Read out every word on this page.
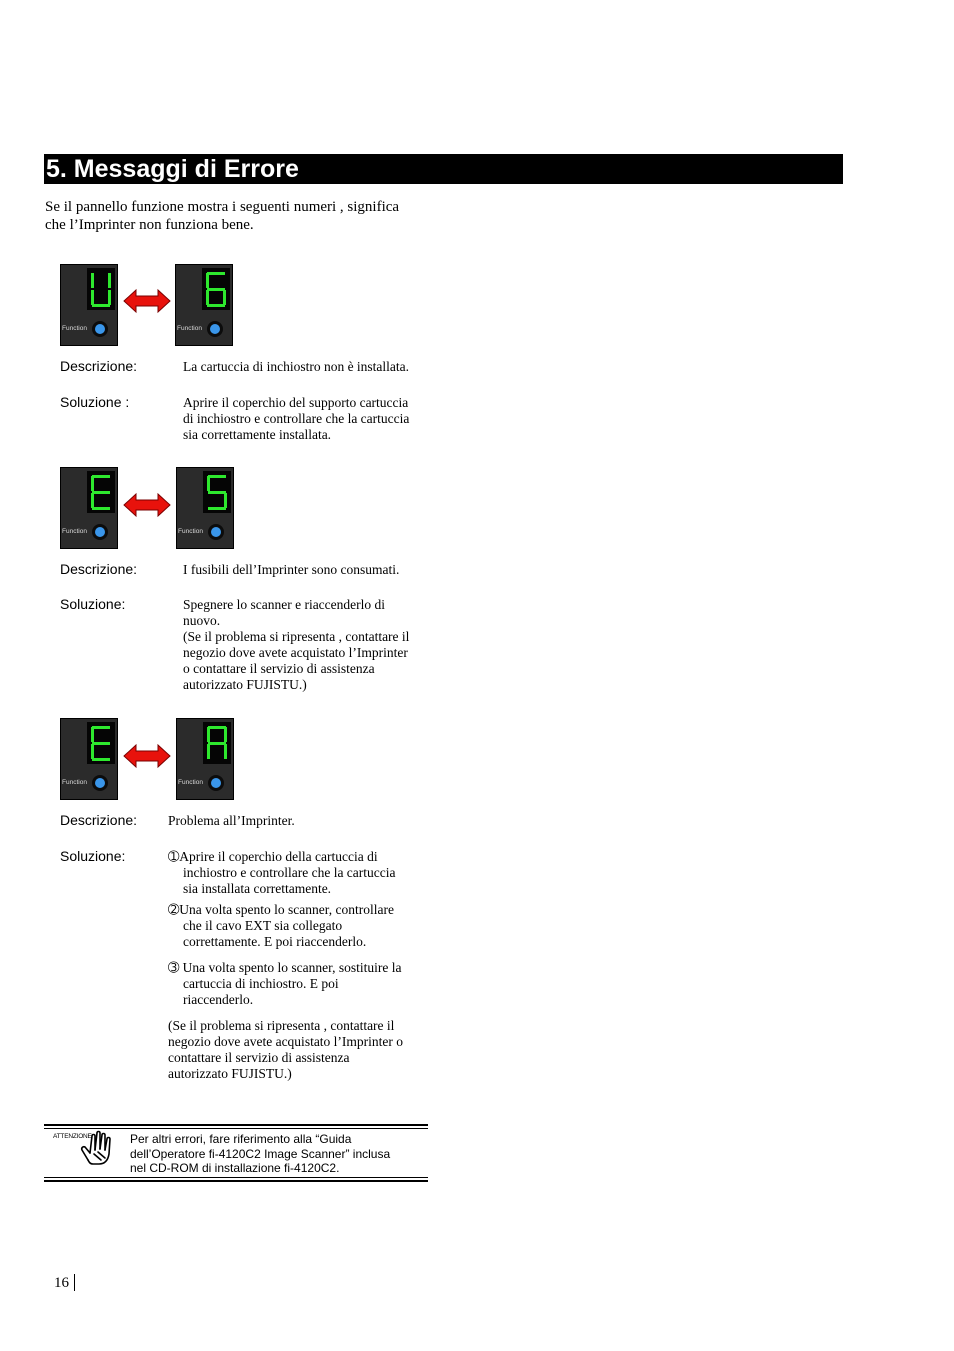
5. Messaggi di Errore
Se il pannello funzione mostra i seguenti numeri , significa
che l’Imprinter non funziona bene.
Function	Function
Descrizione:	La cartuccia di inchiostro non è installata.
Soluzione :	Aprire il coperchio del supporto cartuccia
di inchiostro e controllare che la cartuccia
sia correttamente installata.
Function	Function
Descrizione:	I fusibili dell’Imprinter sono consumati.
Soluzione:	Spegnere lo scanner e riaccenderlo di
nuovo.
(Se il problema si ripresenta , contattare il
negozio dove avete acquistato l’Imprinter
o contattare il servizio di assistenza
autorizzato FUJISTU.)
Function	Function
Descrizione: Problema all’Imprinter.
Soluzione:	➀Aprire il coperchio della cartuccia di
inchiostro e controllare che la cartuccia
sia installata correttamente.
➁Una volta spento lo scanner, controllare
che il cavo EXT sia collegato
correttamente. E poi riaccenderlo.
➂ Una volta spento lo scanner, sostituire la
cartuccia di inchiostro. E poi
riaccenderlo.
(Se il problema si ripresenta , contattare il
negozio dove avete acquistato l’Imprinter o
contattare il servizio di assistenza
autorizzato FUJISTU.)
ATTENZIONE	Per altri errori, fare riferimento alla “Guida
dell’Operatore fi-4120C2 Image Scanner” inclusa
nel CD-ROM di installazione fi-4120C2.
16
